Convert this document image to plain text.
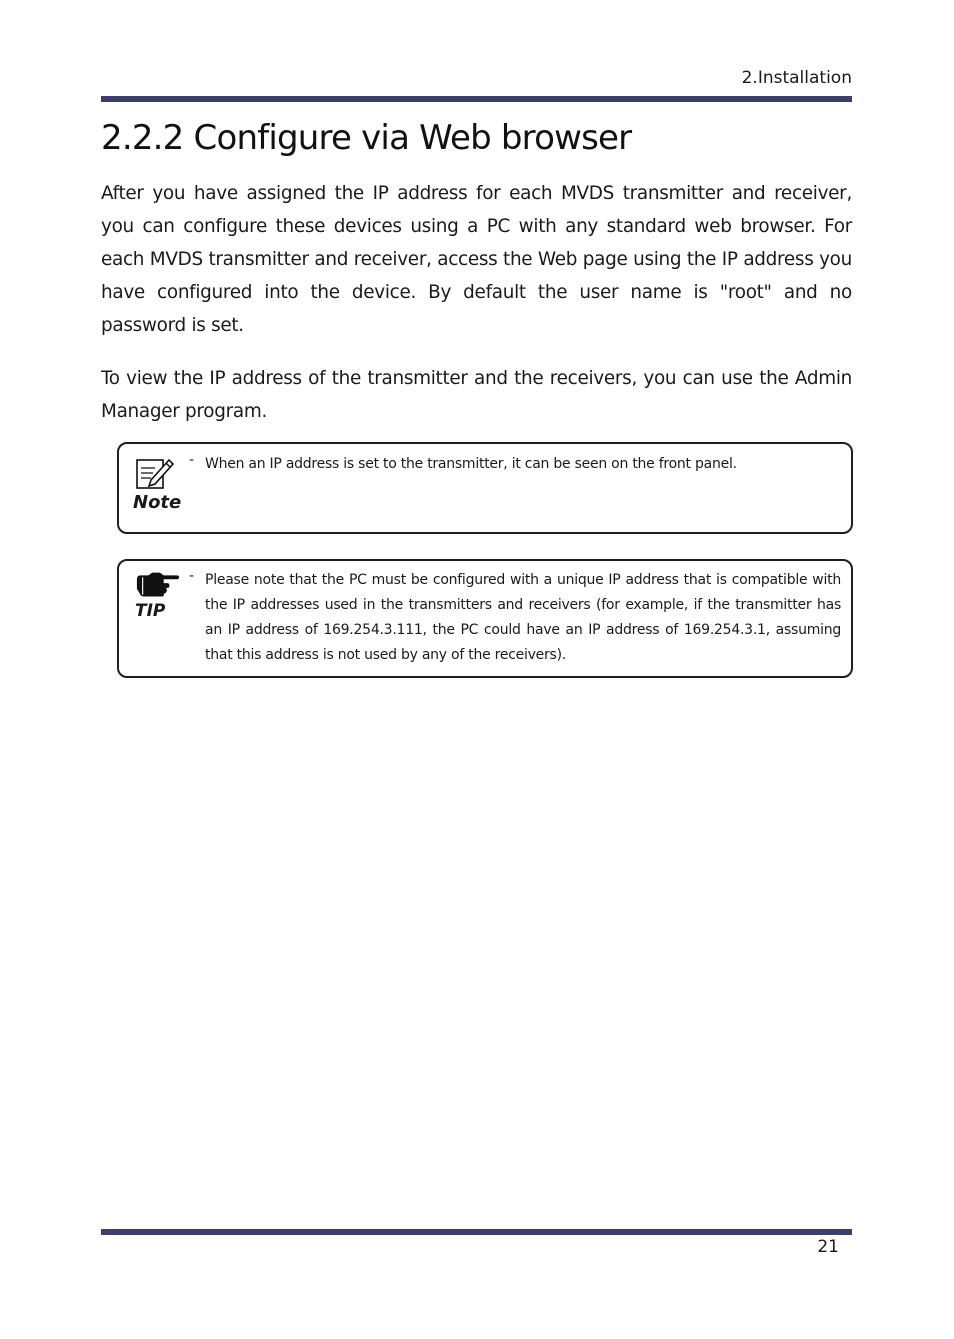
2.Installation
2.2.2 Configure via Web browser

After you have assigned the IP address for each MVDS transmitter and receiver, you can configure these devices using a PC with any standard web browser. For each MVDS transmitter and receiver, access the Web page using the IP address you have configured into the device. By default the user name is "root" and no password is set.

To view the IP address of the transmitter and the receivers, you can use the Admin Manager program.

Note
- When an IP address is set to the transmitter, it can be seen on the front panel.

TIP
- Please note that the PC must be configured with a unique IP address that is compatible with the IP addresses used in the transmitters and receivers (for example, if the transmitter has an IP address of 169.254.3.111, the PC could have an IP address of 169.254.3.1, assuming that this address is not used by any of the receivers).

21
